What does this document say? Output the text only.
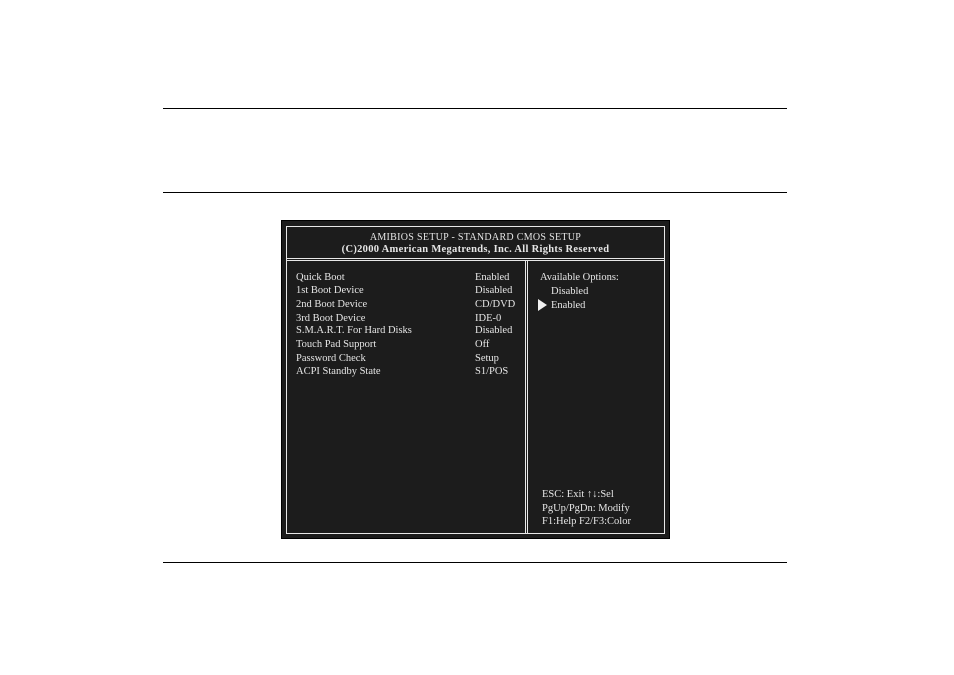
AMIBIOS SETUP - STANDARD CMOS SETUP
(C)2000 American Megatrends, Inc. All Rights Reserved
Quick Boot	Enabled
1st Boot Device	Disabled
2nd Boot Device	CD/DVD
3rd Boot Device	IDE-0
S.M.A.R.T. For Hard Disks	Disabled
Touch Pad Support	Off
Password Check	Setup
ACPI Standby State	S1/POS
Available Options:
Disabled
Enabled
ESC: Exit ↑↓:Sel
PgUp/PgDn: Modify
F1:Help F2/F3:Color
